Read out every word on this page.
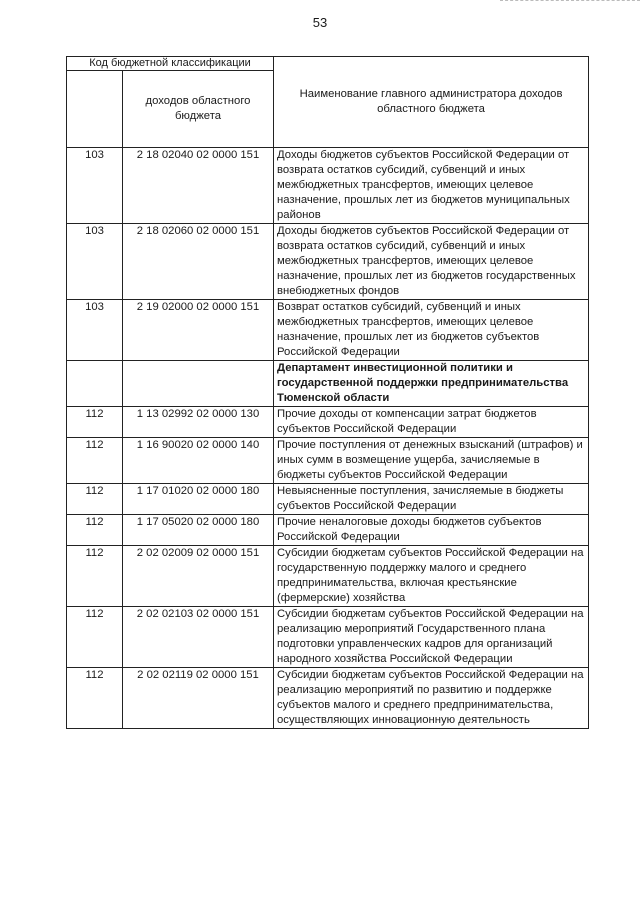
53
Код бюджетной классификации		Наименование главного администратора доходов областного бюджета
	доходов областного бюджета	
103	2 18 02040 02 0000 151	Доходы бюджетов субъектов Российской Федерации от возврата остатков субсидий, субвенций и иных межбюджетных трансфертов, имеющих целевое назначение, прошлых лет из бюджетов муниципальных районов
103	2 18 02060 02 0000 151	Доходы бюджетов субъектов Российской Федерации от возврата остатков субсидий, субвенций и иных межбюджетных трансфертов, имеющих целевое назначение, прошлых лет из бюджетов государственных внебюджетных фондов
103	2 19 02000 02 0000 151	Возврат остатков субсидий, субвенций и иных межбюджетных трансфертов, имеющих целевое назначение, прошлых лет из бюджетов субъектов Российской Федерации
		Департамент инвестиционной политики и государственной поддержки предпринимательства Тюменской области
112	1 13 02992 02 0000 130	Прочие доходы от компенсации затрат бюджетов субъектов Российской Федерации
112	1 16 90020 02 0000 140	Прочие поступления от денежных взысканий (штрафов) и иных сумм в возмещение ущерба, зачисляемые в бюджеты субъектов Российской Федерации
112	1 17 01020 02 0000 180	Невыясненные поступления, зачисляемые в бюджеты субъектов Российской Федерации
112	1 17 05020 02 0000 180	Прочие неналоговые доходы бюджетов субъектов Российской Федерации
112	2 02 02009 02 0000 151	Субсидии бюджетам субъектов Российской Федерации на государственную поддержку малого и среднего предпринимательства, включая крестьянские (фермерские) хозяйства
112	2 02 02103 02 0000 151	Субсидии бюджетам субъектов Российской Федерации на реализацию мероприятий Государственного плана подготовки управленческих кадров для организаций народного хозяйства Российской Федерации
112	2 02 02119 02 0000 151	Субсидии бюджетам субъектов Российской Федерации на реализацию мероприятий по развитию и поддержке субъектов малого и среднего предпринимательства, осуществляющих инновационную деятельность
